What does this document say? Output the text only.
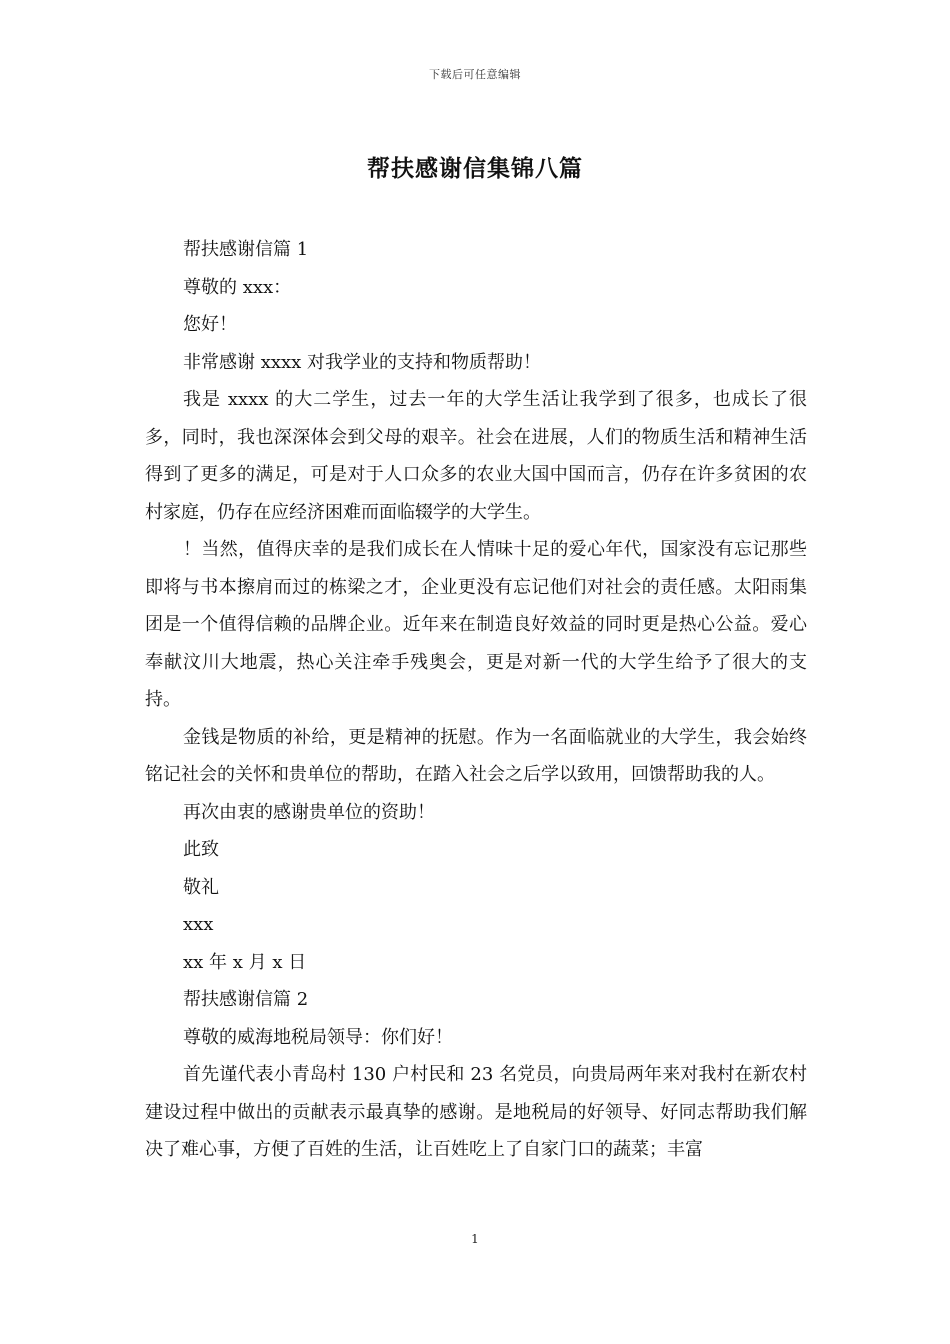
下载后可任意编辑
帮扶感谢信集锦八篇

帮扶感谢信篇 1

尊敬的 xxx：

您好！

非常感谢 xxxx 对我学业的支持和物质帮助！

我是 xxxx 的大二学生，过去一年的大学生活让我学到了很多，也成长了很多，同时，我也深深体会到父母的艰辛。社会在进展，人们的物质生活和精神生活得到了更多的满足，可是对于人口众多的农业大国中国而言，仍存在许多贫困的农村家庭，仍存在应经济困难而面临辍学的大学生。

！当然，值得庆幸的是我们成长在人情味十足的爱心年代，国家没有忘记那些即将与书本擦肩而过的栋梁之才，企业更没有忘记他们对社会的责任感。太阳雨集团是一个值得信赖的品牌企业。近年来在制造良好效益的同时更是热心公益。爱心奉献汶川大地震，热心关注牵手残奥会，更是对新一代的大学生给予了很大的支持。

金钱是物质的补给，更是精神的抚慰。作为一名面临就业的大学生，我会始终铭记社会的关怀和贵单位的帮助，在踏入社会之后学以致用，回馈帮助我的人。

再次由衷的感谢贵单位的资助！

此致

敬礼

xxx

xx 年 x 月 x 日

帮扶感谢信篇 2

尊敬的威海地税局领导：你们好！

首先谨代表小青岛村 130 户村民和 23 名党员，向贵局两年来对我村在新农村建设过程中做出的贡献表示最真挚的感谢。是地税局的好领导、好同志帮助我们解决了难心事，方便了百姓的生活，让百姓吃上了自家门口的蔬菜；丰富

1
